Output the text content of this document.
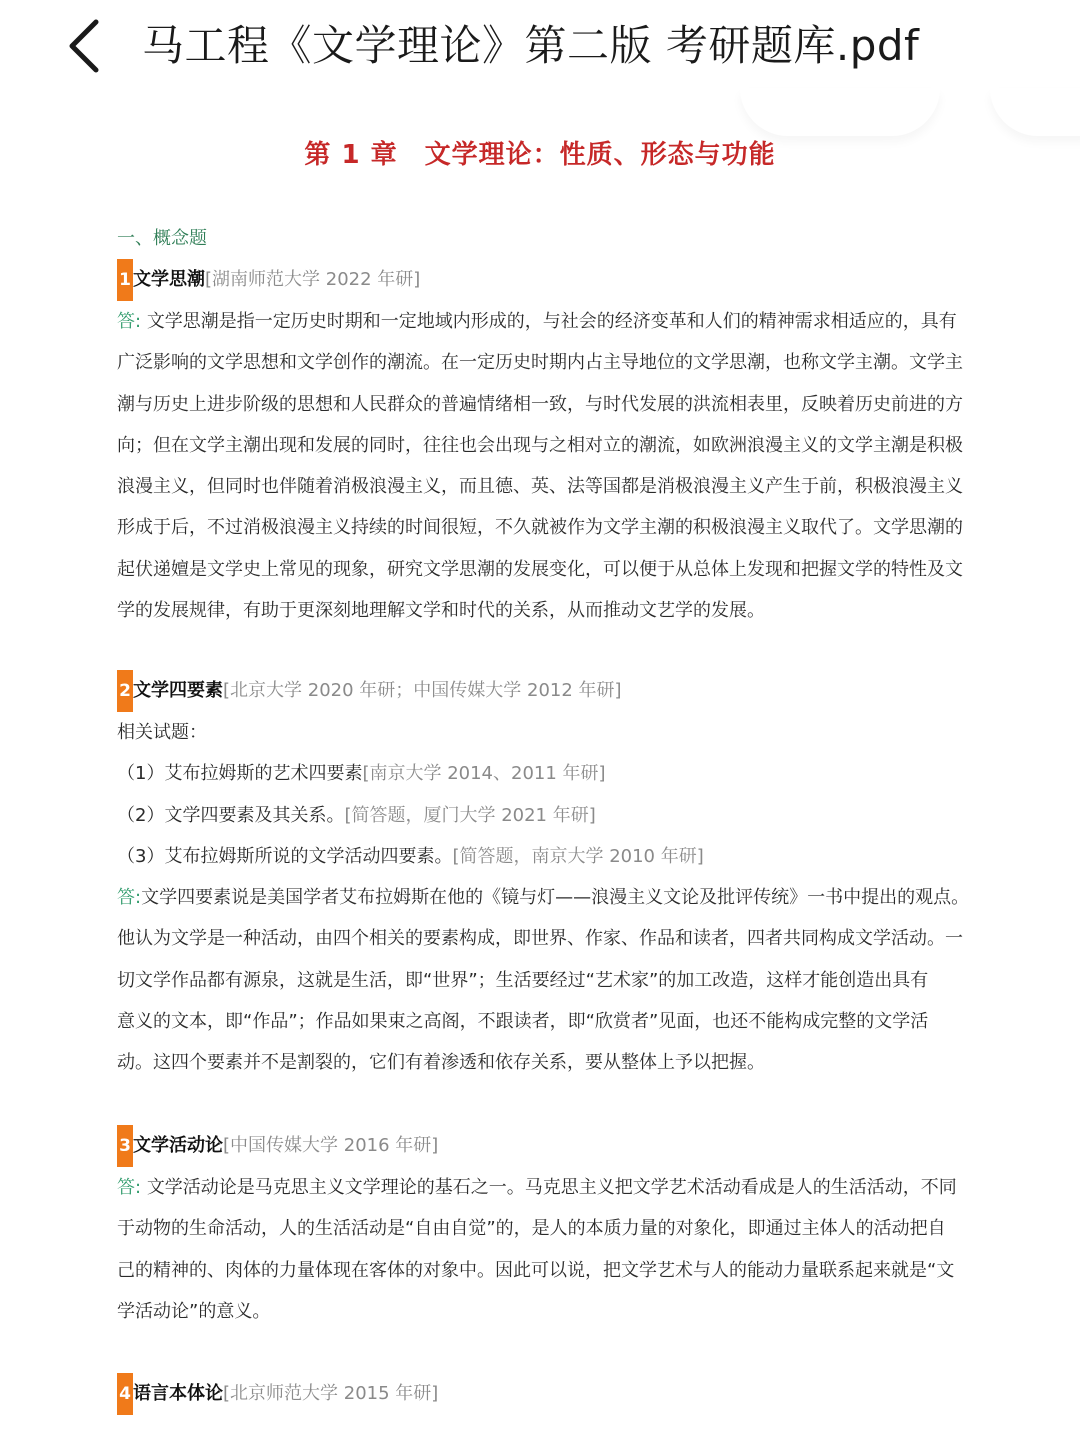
马工程《文学理论》第二版 考研题库.pdf
第 1 章　文学理论：性质、形态与功能
一、概念题
1 文学思潮[湖南师范大学 2022 年研]
答: 文学思潮是指一定历史时期和一定地域内形成的，与社会的经济变革和人们的精神需求相适应的，具有
广泛影响的文学思想和文学创作的潮流。在一定历史时期内占主导地位的文学思潮，也称文学主潮。文学主
潮与历史上进步阶级的思想和人民群众的普遍情绪相一致，与时代发展的洪流相表里，反映着历史前进的方
向；但在文学主潮出现和发展的同时，往往也会出现与之相对立的潮流，如欧洲浪漫主义的文学主潮是积极
浪漫主义，但同时也伴随着消极浪漫主义，而且德、英、法等国都是消极浪漫主义产生于前，积极浪漫主义
形成于后，不过消极浪漫主义持续的时间很短，不久就被作为文学主潮的积极浪漫主义取代了。文学思潮的
起伏递嬗是文学史上常见的现象，研究文学思潮的发展变化，可以便于从总体上发现和把握文学的特性及文
学的发展规律，有助于更深刻地理解文学和时代的关系，从而推动文艺学的发展。
2 文学四要素[北京大学 2020 年研；中国传媒大学 2012 年研]
相关试题：
（1）艾布拉姆斯的艺术四要素[南京大学 2014、2011 年研]
（2）文学四要素及其关系。[简答题，厦门大学 2021 年研]
（3）艾布拉姆斯所说的文学活动四要素。[简答题，南京大学 2010 年研]
答:文学四要素说是美国学者艾布拉姆斯在他的《镜与灯——浪漫主义文论及批评传统》一书中提出的观点。
他认为文学是一种活动，由四个相关的要素构成，即世界、作家、作品和读者，四者共同构成文学活动。一
切文学作品都有源泉，这就是生活，即“世界”；生活要经过“艺术家”的加工改造，这样才能创造出具有
意义的文本，即“作品”；作品如果束之高阁，不跟读者，即“欣赏者”见面，也还不能构成完整的文学活
动。这四个要素并不是割裂的，它们有着渗透和依存关系，要从整体上予以把握。
3 文学活动论[中国传媒大学 2016 年研]
答: 文学活动论是马克思主义文学理论的基石之一。马克思主义把文学艺术活动看成是人的生活活动，不同
于动物的生命活动，人的生活活动是“自由自觉”的，是人的本质力量的对象化，即通过主体人的活动把自
己的精神的、肉体的力量体现在客体的对象中。因此可以说，把文学艺术与人的能动力量联系起来就是“文
学活动论”的意义。
4 语言本体论[北京师范大学 2015 年研]
